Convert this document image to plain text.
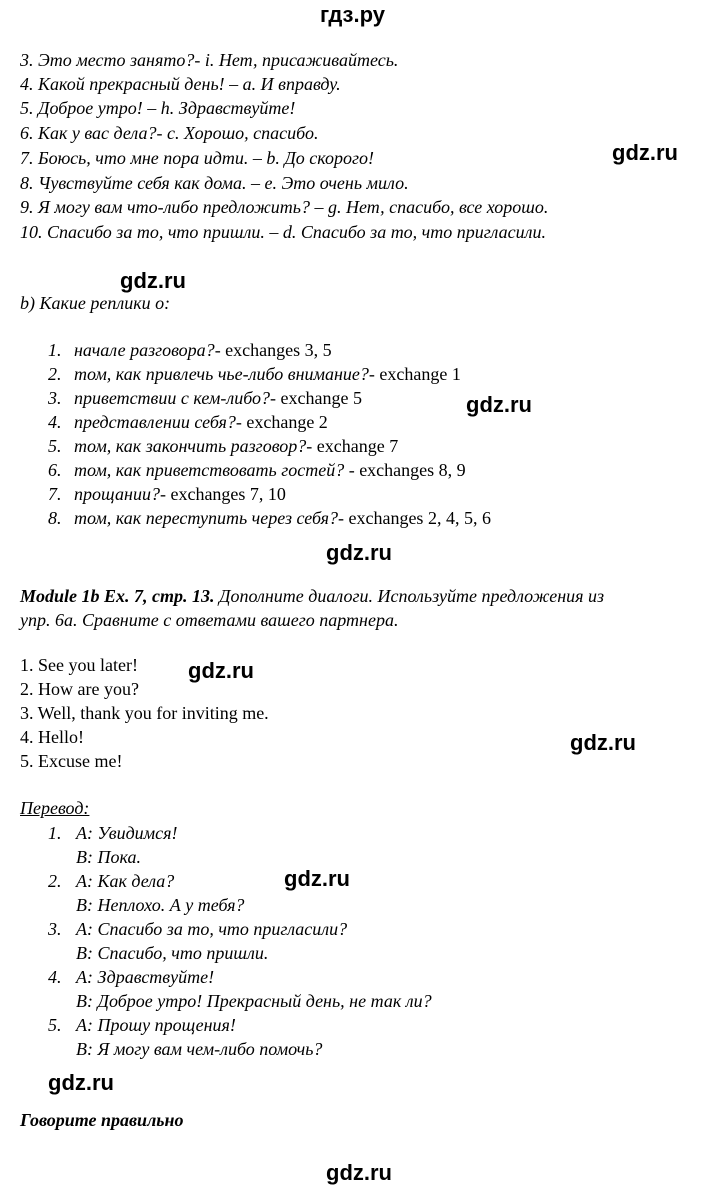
гдз.ру
3. Это место занято?- i. Нет, присаживайтесь.
4. Какой прекрасный день! – a. И вправду.
5. Доброе утро! – h. Здравствуйте!
6. Как у вас дела?- c. Хорошо, спасибо.
7. Боюсь, что мне пора идти. – b. До скорого!
8. Чувствуйте себя как дома. – e. Это очень мило.
9. Я могу вам что-либо предложить? – g. Нет, спасибо, все хорошо.
10. Спасибо за то, что пришли. – d. Спасибо за то, что пригласили.
gdz.ru
gdz.ru
b) Какие реплики о:
1. начале разговора?- exchanges 3, 5
2. том, как привлечь чье-либо внимание?- exchange 1
3. приветствии с кем-либо?- exchange 5
4. представлении себя?- exchange 2
5. том, как закончить разговор?- exchange 7
6. том, как приветствовать гостей? - exchanges 8, 9
7. прощании?- exchanges 7, 10
8. том, как переступить через себя?- exchanges 2, 4, 5, 6
gdz.ru
gdz.ru
Module 1b Ex. 7, стр. 13. Дополните диалоги. Используйте предложения из
упр. 6a. Сравните с ответами вашего партнера.
1. See you later!
2. How are you?
3. Well, thank you for inviting me.
4. Hello!
5. Excuse me!
gdz.ru
gdz.ru
Перевод:
1. A: Увидимся!
B: Пока.
2. A: Как дела?
B: Неплохо. А у тебя?
3. A: Спасибо за то, что пригласили?
B: Спасибо, что пришли.
4. A: Здравствуйте!
B: Доброе утро! Прекрасный день, не так ли?
5. A: Прошу прощения!
B: Я могу вам чем-либо помочь?
gdz.ru
gdz.ru
Говорите правильно
gdz.ru
